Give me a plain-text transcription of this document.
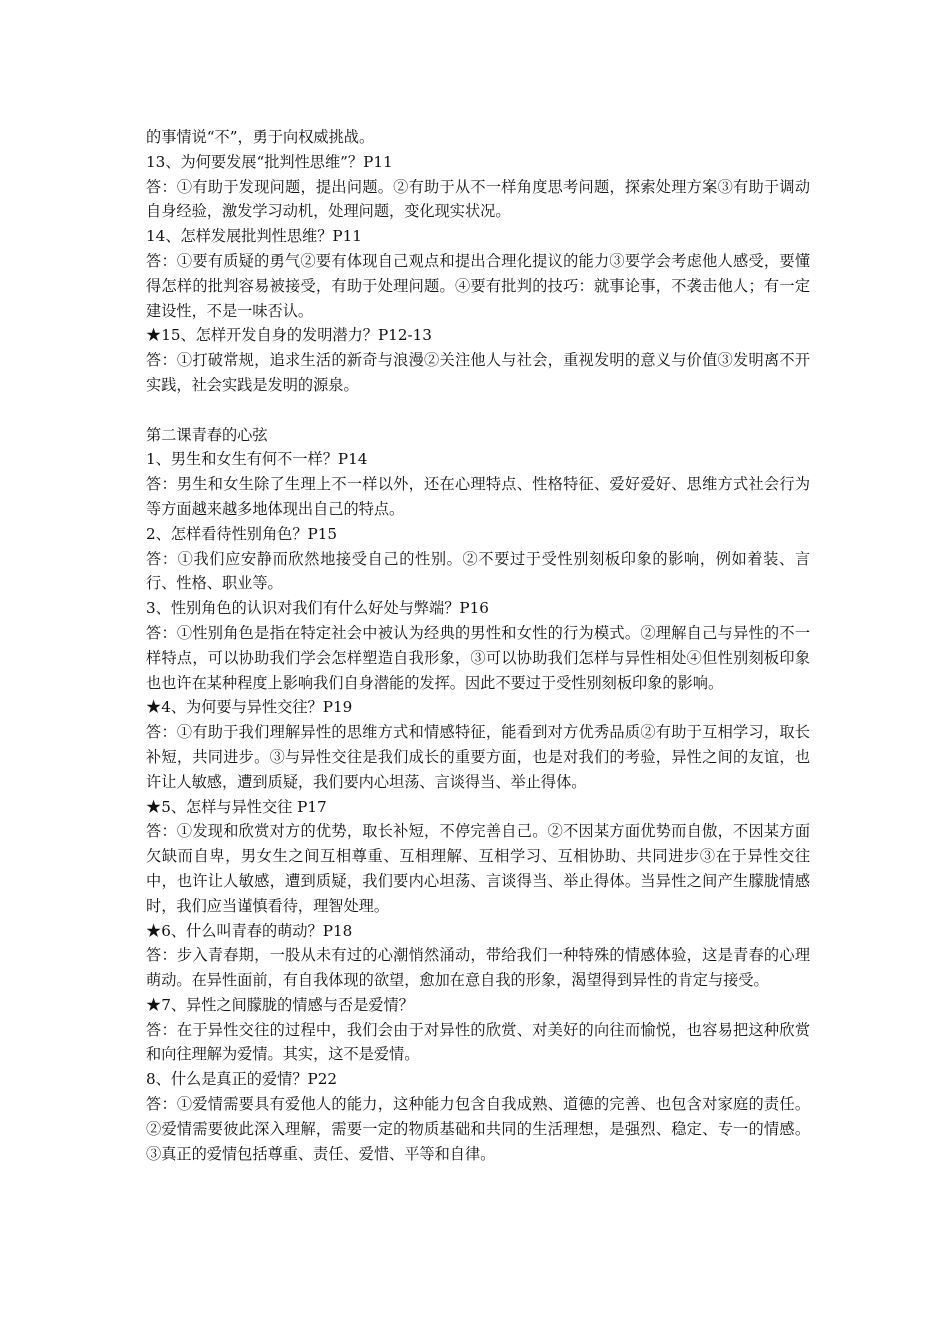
的事情说“不”，勇于向权威挑战。

13、为何要发展“批判性思维”？P11

答：①有助于发现问题，提出问题。②有助于从不一样角度思考问题，探索处理方案③有助于调动自身经验，激发学习动机，处理问题，变化现实状况。

14、怎样发展批判性思维？P11

答：①要有质疑的勇气②要有体现自己观点和提出合理化提议的能力③要学会考虑他人感受，要懂得怎样的批判容易被接受，有助于处理问题。④要有批判的技巧：就事论事，不袭击他人；有一定建设性，不是一味否认。

★15、怎样开发自身的发明潜力？P12-13

答：①打破常规，追求生活的新奇与浪漫②关注他人与社会，重视发明的意义与价值③发明离不开实践，社会实践是发明的源泉。

第二课青春的心弦

1、男生和女生有何不一样？P14

答：男生和女生除了生理上不一样以外，还在心理特点、性格特征、爱好爱好、思维方式社会行为等方面越来越多地体现出自己的特点。

2、怎样看待性别角色？P15

答：①我们应安静而欣然地接受自己的性别。②不要过于受性别刻板印象的影响，例如着装、言行、性格、职业等。

3、性别角色的认识对我们有什么好处与弊端？P16

答：①性别角色是指在特定社会中被认为经典的男性和女性的行为模式。②理解自己与异性的不一样特点，可以协助我们学会怎样塑造自我形象，③可以协助我们怎样与异性相处④但性别刻板印象也也许在某种程度上影响我们自身潜能的发挥。因此不要过于受性别刻板印象的影响。

★4、为何要与异性交往？P19

答：①有助于我们理解异性的思维方式和情感特征，能看到对方优秀品质②有助于互相学习，取长补短，共同进步。③与异性交往是我们成长的重要方面，也是对我们的考验，异性之间的友谊，也许让人敏感，遭到质疑，我们要内心坦荡、言谈得当、举止得体。

★5、怎样与异性交往 P17

答：①发现和欣赏对方的优势，取长补短，不停完善自己。②不因某方面优势而自傲，不因某方面欠缺而自卑，男女生之间互相尊重、互相理解、互相学习、互相协助、共同进步③在于异性交往中，也许让人敏感，遭到质疑，我们要内心坦荡、言谈得当、举止得体。当异性之间产生朦胧情感时，我们应当谨慎看待，理智处理。

★6、什么叫青春的萌动？P18

答：步入青春期，一股从未有过的心潮悄然涌动，带给我们一种特殊的情感体验，这是青春的心理萌动。在异性面前，有自我体现的欲望，愈加在意自我的形象，渴望得到异性的肯定与接受。

★7、异性之间朦胧的情感与否是爱情？

答：在于异性交往的过程中，我们会由于对异性的欣赏、对美好的向往而愉悦，也容易把这种欣赏和向往理解为爱情。其实，这不是爱情。

8、什么是真正的爱情？P22

答：①爱情需要具有爱他人的能力，这种能力包含自我成熟、道德的完善、也包含对家庭的责任。②爱情需要彼此深入理解，需要一定的物质基础和共同的生活理想，是强烈、稳定、专一的情感。③真正的爱情包括尊重、责任、爱惜、平等和自律。
